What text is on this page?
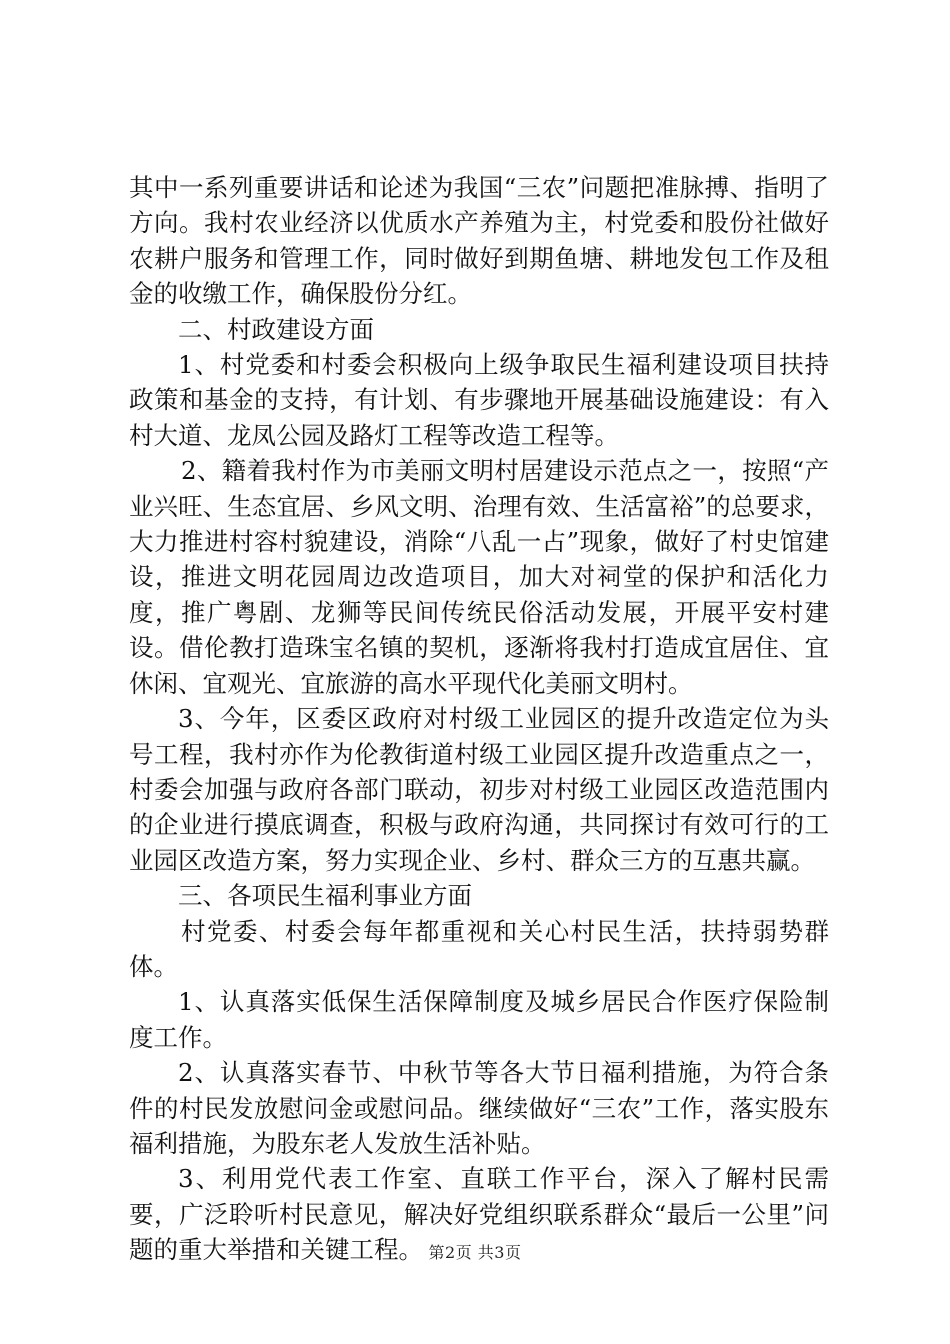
其中一系列重要讲话和论述为我国“三农”问题把准脉搏、指明了方向。我村农业经济以优质水产养殖为主，村党委和股份社做好农耕户服务和管理工作，同时做好到期鱼塘、耕地发包工作及租金的收缴工作，确保股份分红。

二、村政建设方面

1、村党委和村委会积极向上级争取民生福利建设项目扶持政策和基金的支持，有计划、有步骤地开展基础设施建设：有入村大道、龙凤公园及路灯工程等改造工程等。

2、籍着我村作为市美丽文明村居建设示范点之一，按照“产业兴旺、生态宜居、乡风文明、治理有效、生活富裕”的总要求，大力推进村容村貌建设，消除“八乱一占”现象，做好了村史馆建设，推进文明花园周边改造项目，加大对祠堂的保护和活化力度，推广粤剧、龙狮等民间传统民俗活动发展，开展平安村建设。借伦教打造珠宝名镇的契机，逐渐将我村打造成宜居住、宜休闲、宜观光、宜旅游的高水平现代化美丽文明村。

3、今年，区委区政府对村级工业园区的提升改造定位为头号工程，我村亦作为伦教街道村级工业园区提升改造重点之一，村委会加强与政府各部门联动，初步对村级工业园区改造范围内的企业进行摸底调查，积极与政府沟通，共同探讨有效可行的工业园区改造方案，努力实现企业、乡村、群众三方的互惠共赢。

三、各项民生福利事业方面

村党委、村委会每年都重视和关心村民生活，扶持弱势群体。

1、认真落实低保生活保障制度及城乡居民合作医疗保险制度工作。

2、认真落实春节、中秋节等各大节日福利措施，为符合条件的村民发放慰问金或慰问品。继续做好“三农”工作，落实股东福利措施，为股东老人发放生活补贴。

3、利用党代表工作室、直联工作平台，深入了解村民需要，广泛聆听村民意见，解决好党组织联系群众“最后一公里”问题的重大举措和关键工程。 第2页 共3页
